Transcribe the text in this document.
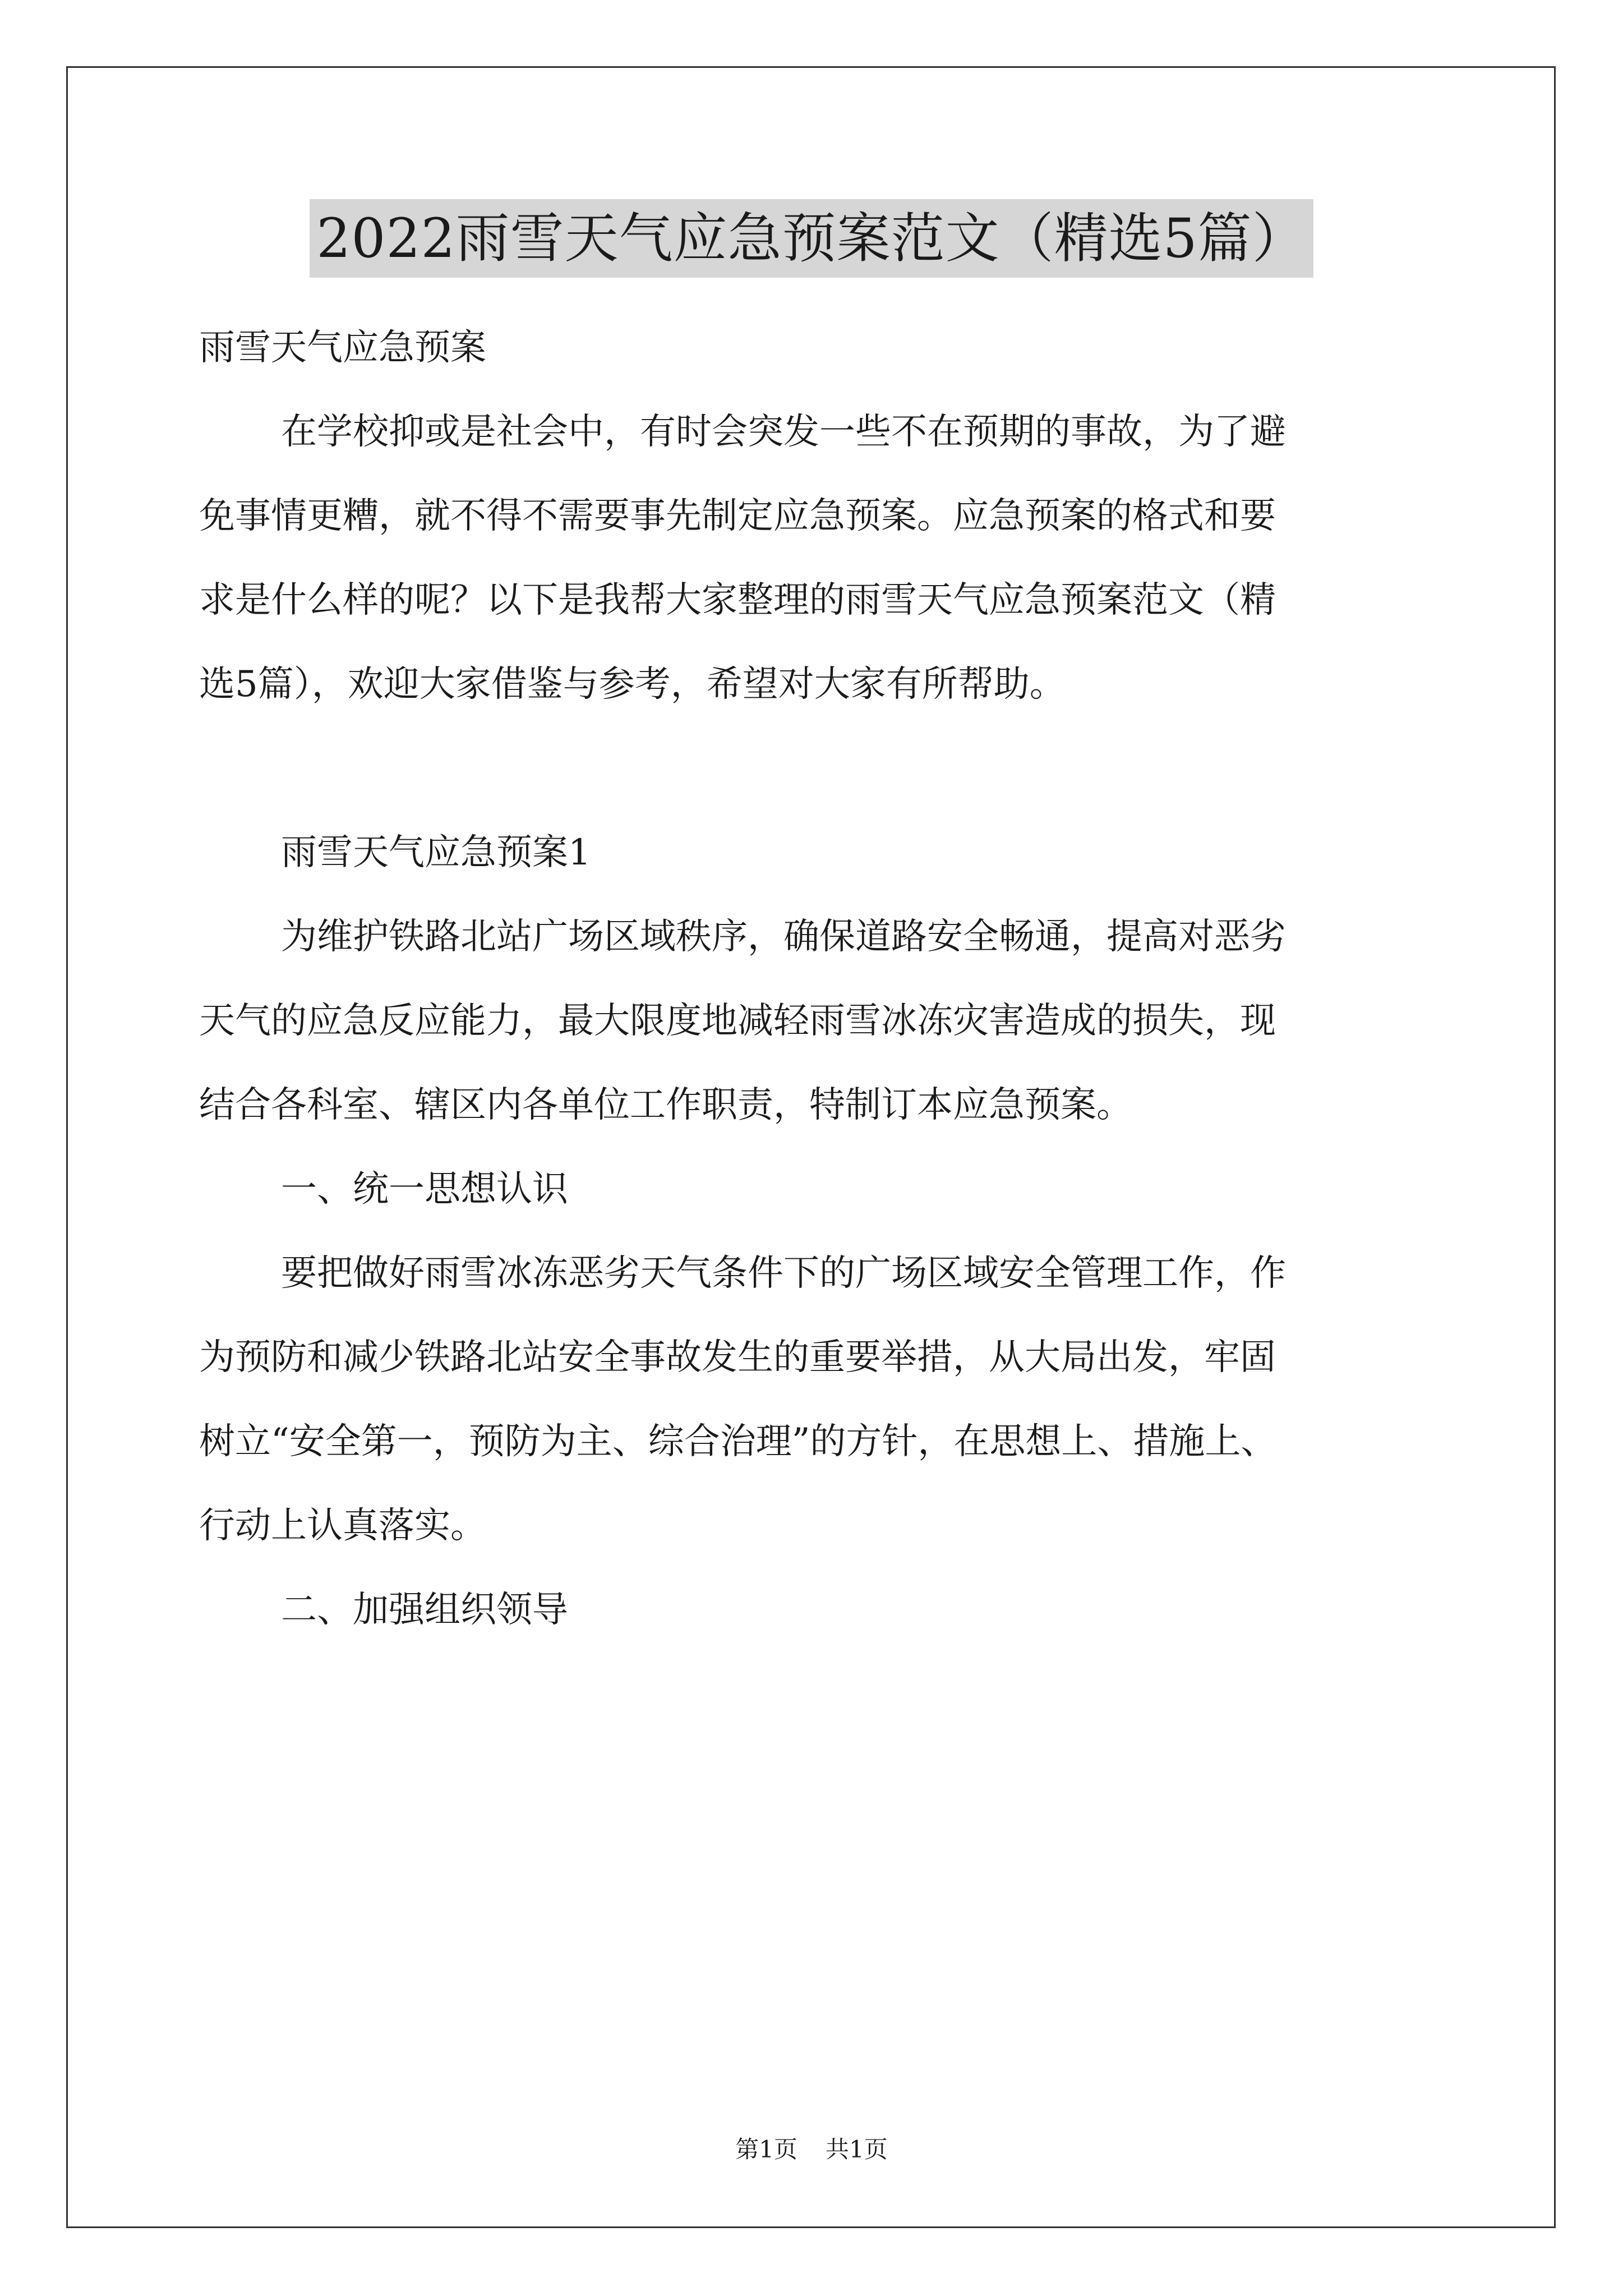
2022雨雪天气应急预案范文（精选5篇）

雨雪天气应急预案

在学校抑或是社会中，有时会突发一些不在预期的事故，为了避

免事情更糟，就不得不需要事先制定应急预案。应急预案的格式和要

求是什么样的呢？以下是我帮大家整理的雨雪天气应急预案范文（精

选5篇），欢迎大家借鉴与参考，希望对大家有所帮助。

雨雪天气应急预案1

为维护铁路北站广场区域秩序，确保道路安全畅通，提高对恶劣

天气的应急反应能力，最大限度地减轻雨雪冰冻灾害造成的损失，现

结合各科室、辖区内各单位工作职责，特制订本应急预案。

一、统一思想认识

要把做好雨雪冰冻恶劣天气条件下的广场区域安全管理工作，作

为预防和减少铁路北站安全事故发生的重要举措，从大局出发，牢固

树立“安全第一，预防为主、综合治理”的方针，在思想上、措施上、

行动上认真落实。

二、加强组织领导

第1页 共1页
